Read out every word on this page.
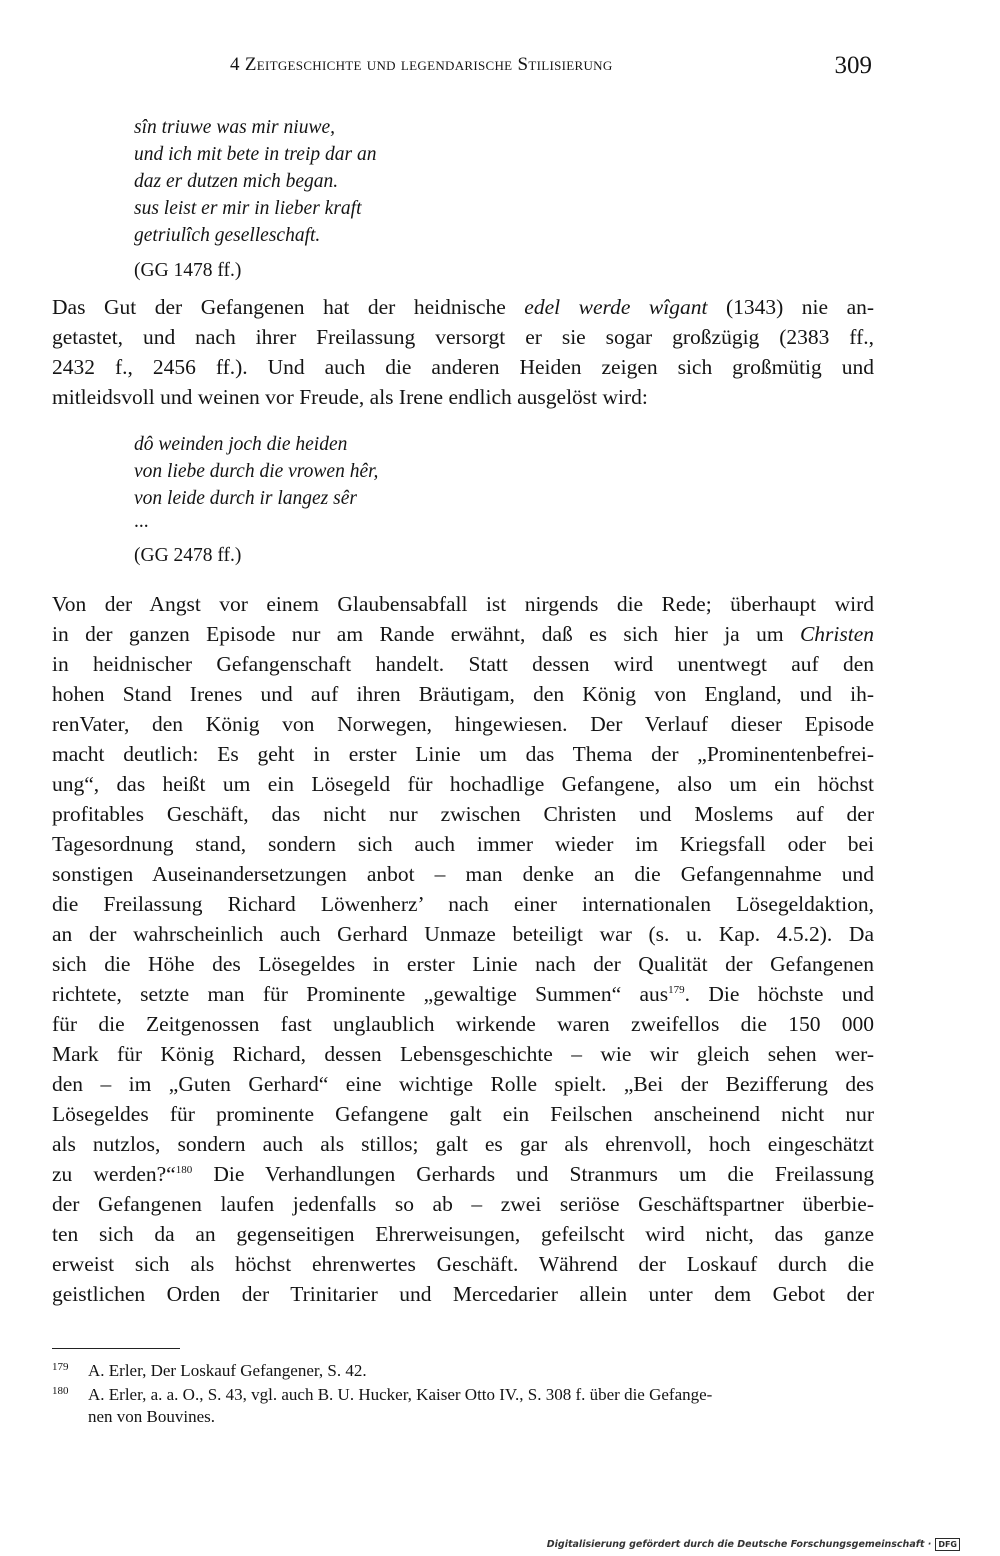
4 Zeitgeschichte und legendarische Stilisierung	309
sîn triuwe was mir niuwe,
und ich mit bete in treip dar an
daz er dutzen mich began.
sus leist er mir in lieber kraft
getriulîch geselleschaft.
(GG 1478 ff.)
Das Gut der Gefangenen hat der heidnische edel werde wîgant (1343) nie an-
getastet, und nach ihrer Freilassung versorgt er sie sogar großzügig (2383 ff.,
2432 f., 2456 ff.). Und auch die anderen Heiden zeigen sich großmütig und
mitleidsvoll und weinen vor Freude, als Irene endlich ausgelöst wird:
dô weinden joch die heiden
von liebe durch die vrowen hêr,
von leide durch ir langez sêr
...
(GG 2478 ff.)
Von der Angst vor einem Glaubensabfall ist nirgends die Rede; überhaupt wird
in der ganzen Episode nur am Rande erwähnt, daß es sich hier ja um Christen
in heidnischer Gefangenschaft handelt. Statt dessen wird unentwegt auf den
hohen Stand Irenes und auf ihren Bräutigam, den König von England, und ih-
renVater, den König von Norwegen, hingewiesen. Der Verlauf dieser Episode
macht deutlich: Es geht in erster Linie um das Thema der „Prominentenbefrei-
ung“, das heißt um ein Lösegeld für hochadlige Gefangene, also um ein höchst
profitables Geschäft, das nicht nur zwischen Christen und Moslems auf der
Tagesordnung stand, sondern sich auch immer wieder im Kriegsfall oder bei
sonstigen Auseinandersetzungen anbot – man denke an die Gefangennahme und
die Freilassung Richard Löwenherz’ nach einer internationalen Lösegeldaktion,
an der wahrscheinlich auch Gerhard Unmaze beteiligt war (s. u. Kap. 4.5.2). Da
sich die Höhe des Lösegeldes in erster Linie nach der Qualität der Gefangenen
richtete, setzte man für Prominente „gewaltige Summen“ aus$^{179}$. Die höchste und
für die Zeitgenossen fast unglaublich wirkende waren zweifellos die 150 000
Mark für König Richard, dessen Lebensgeschichte – wie wir gleich sehen wer-
den – im „Guten Gerhard“ eine wichtige Rolle spielt. „Bei der Bezifferung des
Lösegeldes für prominente Gefangene galt ein Feilschen anscheinend nicht nur
als nutzlos, sondern auch als stillos; galt es gar als ehrenvoll, hoch eingeschätzt
zu werden?“$^{180}$ Die Verhandlungen Gerhards und Stranmurs um die Freilassung
der Gefangenen laufen jedenfalls so ab – zwei seriöse Geschäftspartner überbie-
ten sich da an gegenseitigen Ehrerweisungen, gefeilscht wird nicht, das ganze
erweist sich als höchst ehrenwertes Geschäft. Während der Loskauf durch die
geistlichen Orden der Trinitarier und Mercedarier allein unter dem Gebot der
179 A. Erler, Der Loskauf Gefangener, S. 42.
180 A. Erler, a. a. O., S. 43, vgl. auch B. U. Hucker, Kaiser Otto IV., S. 308 f. über die Gefange-
nen von Bouvines.
Digitalisierung gefördert durch die Deutsche Forschungsgemeinschaft · DFG
